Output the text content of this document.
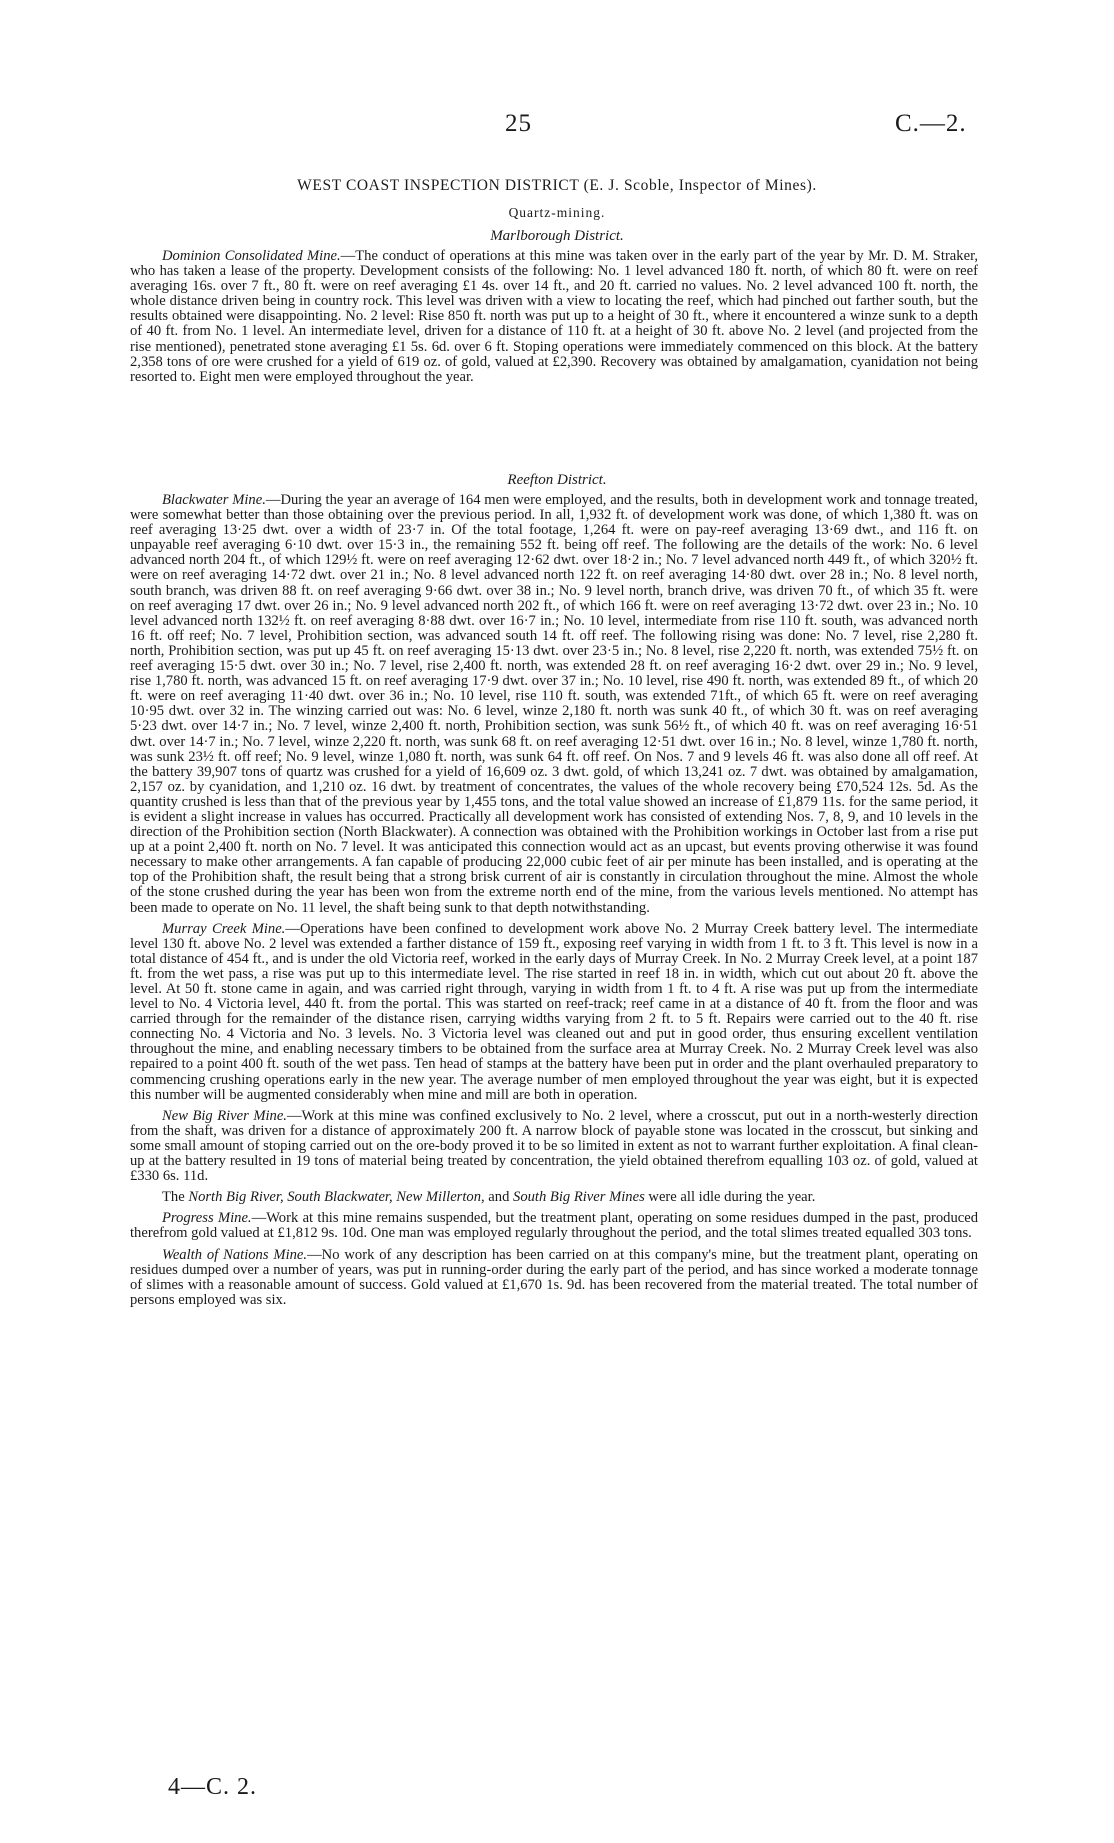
25	C.—2.
WEST COAST INSPECTION DISTRICT (E. J. Scoble, Inspector of Mines).
Quartz-mining.
Marlborough District.

Dominion Consolidated Mine.—The conduct of operations at this mine was taken over in the early part of the year by Mr. D. M. Straker, who has taken a lease of the property. Development consists of the following: No. 1 level advanced 180 ft. north, of which 80 ft. were on reef averaging 16s. over 7 ft., 80 ft. were on reef averaging £1 4s. over 14 ft., and 20 ft. carried no values. No. 2 level advanced 100 ft. north, the whole distance driven being in country rock. This level was driven with a view to locating the reef, which had pinched out farther south, but the results obtained were disappointing. No. 2 level: Rise 850 ft. north was put up to a height of 30 ft., where it encountered a winze sunk to a depth of 40 ft. from No. 1 level. An intermediate level, driven for a distance of 110 ft. at a height of 30 ft. above No. 2 level (and projected from the rise mentioned), penetrated stone averaging £1 5s. 6d. over 6 ft. Stoping operations were immediately commenced on this block. At the battery 2,358 tons of ore were crushed for a yield of 619 oz. of gold, valued at £2,390. Recovery was obtained by amalgamation, cyanidation not being resorted to. Eight men were employed throughout the year.

Reefton District.

Blackwater Mine.—During the year an average of 164 men were employed, and the results, both in development work and tonnage treated, were somewhat better than those obtaining over the previous period. In all, 1,932 ft. of development work was done, of which 1,380 ft. was on reef averaging 13·25 dwt. over a width of 23·7 in. Of the total footage, 1,264 ft. were on pay-reef averaging 13·69 dwt., and 116 ft. on unpayable reef averaging 6·10 dwt. over 15·3 in., the remaining 552 ft. being off reef. The following are the details of the work: No. 6 level advanced north 204 ft., of which 129½ ft. were on reef averaging 12·62 dwt. over 18·2 in.; No. 7 level advanced north 449 ft., of which 320½ ft. were on reef averaging 14·72 dwt. over 21 in.; No. 8 level advanced north 122 ft. on reef averaging 14·80 dwt. over 28 in.; No. 8 level north, south branch, was driven 88 ft. on reef averaging 9·66 dwt. over 38 in.; No. 9 level north, branch drive, was driven 70 ft., of which 35 ft. were on reef averaging 17 dwt. over 26 in.; No. 9 level advanced north 202 ft., of which 166 ft. were on reef averaging 13·72 dwt. over 23 in.; No. 10 level advanced north 132½ ft. on reef averaging 8·88 dwt. over 16·7 in.; No. 10 level, intermediate from rise 110 ft. south, was advanced north 16 ft. off reef; No. 7 level, Prohibition section, was advanced south 14 ft. off reef. The following rising was done: No. 7 level, rise 2,280 ft. north, Prohibition section, was put up 45 ft. on reef averaging 15·13 dwt. over 23·5 in.; No. 8 level, rise 2,220 ft. north, was extended 75½ ft. on reef averaging 15·5 dwt. over 30 in.; No. 7 level, rise 2,400 ft. north, was extended 28 ft. on reef averaging 16·2 dwt. over 29 in.; No. 9 level, rise 1,780 ft. north, was advanced 15 ft. on reef averaging 17·9 dwt. over 37 in.; No. 10 level, rise 490 ft. north, was extended 89 ft., of which 20 ft. were on reef averaging 11·40 dwt. over 36 in.; No. 10 level, rise 110 ft. south, was extended 71ft., of which 65 ft. were on reef averaging 10·95 dwt. over 32 in. The winzing carried out was: No. 6 level, winze 2,180 ft. north was sunk 40 ft., of which 30 ft. was on reef averaging 5·23 dwt. over 14·7 in.; No. 7 level, winze 2,400 ft. north, Prohibition section, was sunk 56½ ft., of which 40 ft. was on reef averaging 16·51 dwt. over 14·7 in.; No. 7 level, winze 2,220 ft. north, was sunk 68 ft. on reef averaging 12·51 dwt. over 16 in.; No. 8 level, winze 1,780 ft. north, was sunk 23½ ft. off reef; No. 9 level, winze 1,080 ft. north, was sunk 64 ft. off reef. On Nos. 7 and 9 levels 46 ft. was also done all off reef. At the battery 39,907 tons of quartz was crushed for a yield of 16,609 oz. 3 dwt. gold, of which 13,241 oz. 7 dwt. was obtained by amalgamation, 2,157 oz. by cyanidation, and 1,210 oz. 16 dwt. by treatment of concentrates, the values of the whole recovery being £70,524 12s. 5d. As the quantity crushed is less than that of the previous year by 1,455 tons, and the total value showed an increase of £1,879 11s. for the same period, it is evident a slight increase in values has occurred. Practically all development work has consisted of extending Nos. 7, 8, 9, and 10 levels in the direction of the Prohibition section (North Blackwater). A connection was obtained with the Prohibition workings in October last from a rise put up at a point 2,400 ft. north on No. 7 level. It was anticipated this connection would act as an upcast, but events proving otherwise it was found necessary to make other arrangements. A fan capable of producing 22,000 cubic feet of air per minute has been installed, and is operating at the top of the Prohibition shaft, the result being that a strong brisk current of air is constantly in circulation throughout the mine. Almost the whole of the stone crushed during the year has been won from the extreme north end of the mine, from the various levels mentioned. No attempt has been made to operate on No. 11 level, the shaft being sunk to that depth notwithstanding.

Murray Creek Mine.—Operations have been confined to development work above No. 2 Murray Creek battery level. The intermediate level 130 ft. above No. 2 level was extended a farther distance of 159 ft., exposing reef varying in width from 1 ft. to 3 ft. This level is now in a total distance of 454 ft., and is under the old Victoria reef, worked in the early days of Murray Creek. In No. 2 Murray Creek level, at a point 187 ft. from the wet pass, a rise was put up to this intermediate level. The rise started in reef 18 in. in width, which cut out about 20 ft. above the level. At 50 ft. stone came in again, and was carried right through, varying in width from 1 ft. to 4 ft. A rise was put up from the intermediate level to No. 4 Victoria level, 440 ft. from the portal. This was started on reef-track; reef came in at a distance of 40 ft. from the floor and was carried through for the remainder of the distance risen, carrying widths varying from 2 ft. to 5 ft. Repairs were carried out to the 40 ft. rise connecting No. 4 Victoria and No. 3 levels. No. 3 Victoria level was cleaned out and put in good order, thus ensuring excellent ventilation throughout the mine, and enabling necessary timbers to be obtained from the surface area at Murray Creek. No. 2 Murray Creek level was also repaired to a point 400 ft. south of the wet pass. Ten head of stamps at the battery have been put in order and the plant overhauled preparatory to commencing crushing operations early in the new year. The average number of men employed throughout the year was eight, but it is expected this number will be augmented considerably when mine and mill are both in operation.

New Big River Mine.—Work at this mine was confined exclusively to No. 2 level, where a crosscut, put out in a north-westerly direction from the shaft, was driven for a distance of approximately 200 ft. A narrow block of payable stone was located in the crosscut, but sinking and some small amount of stoping carried out on the ore-body proved it to be so limited in extent as not to warrant further exploitation. A final clean-up at the battery resulted in 19 tons of material being treated by concentration, the yield obtained therefrom equalling 103 oz. of gold, valued at £330 6s. 11d.

The North Big River, South Blackwater, New Millerton, and South Big River Mines were all idle during the year.

Progress Mine.—Work at this mine remains suspended, but the treatment plant, operating on some residues dumped in the past, produced therefrom gold valued at £1,812 9s. 10d. One man was employed regularly throughout the period, and the total slimes treated equalled 303 tons.

Wealth of Nations Mine.—No work of any description has been carried on at this company's mine, but the treatment plant, operating on residues dumped over a number of years, was put in running-order during the early part of the period, and has since worked a moderate tonnage of slimes with a reasonable amount of success. Gold valued at £1,670 1s. 9d. has been recovered from the material treated. The total number of persons employed was six.

4—C. 2.
